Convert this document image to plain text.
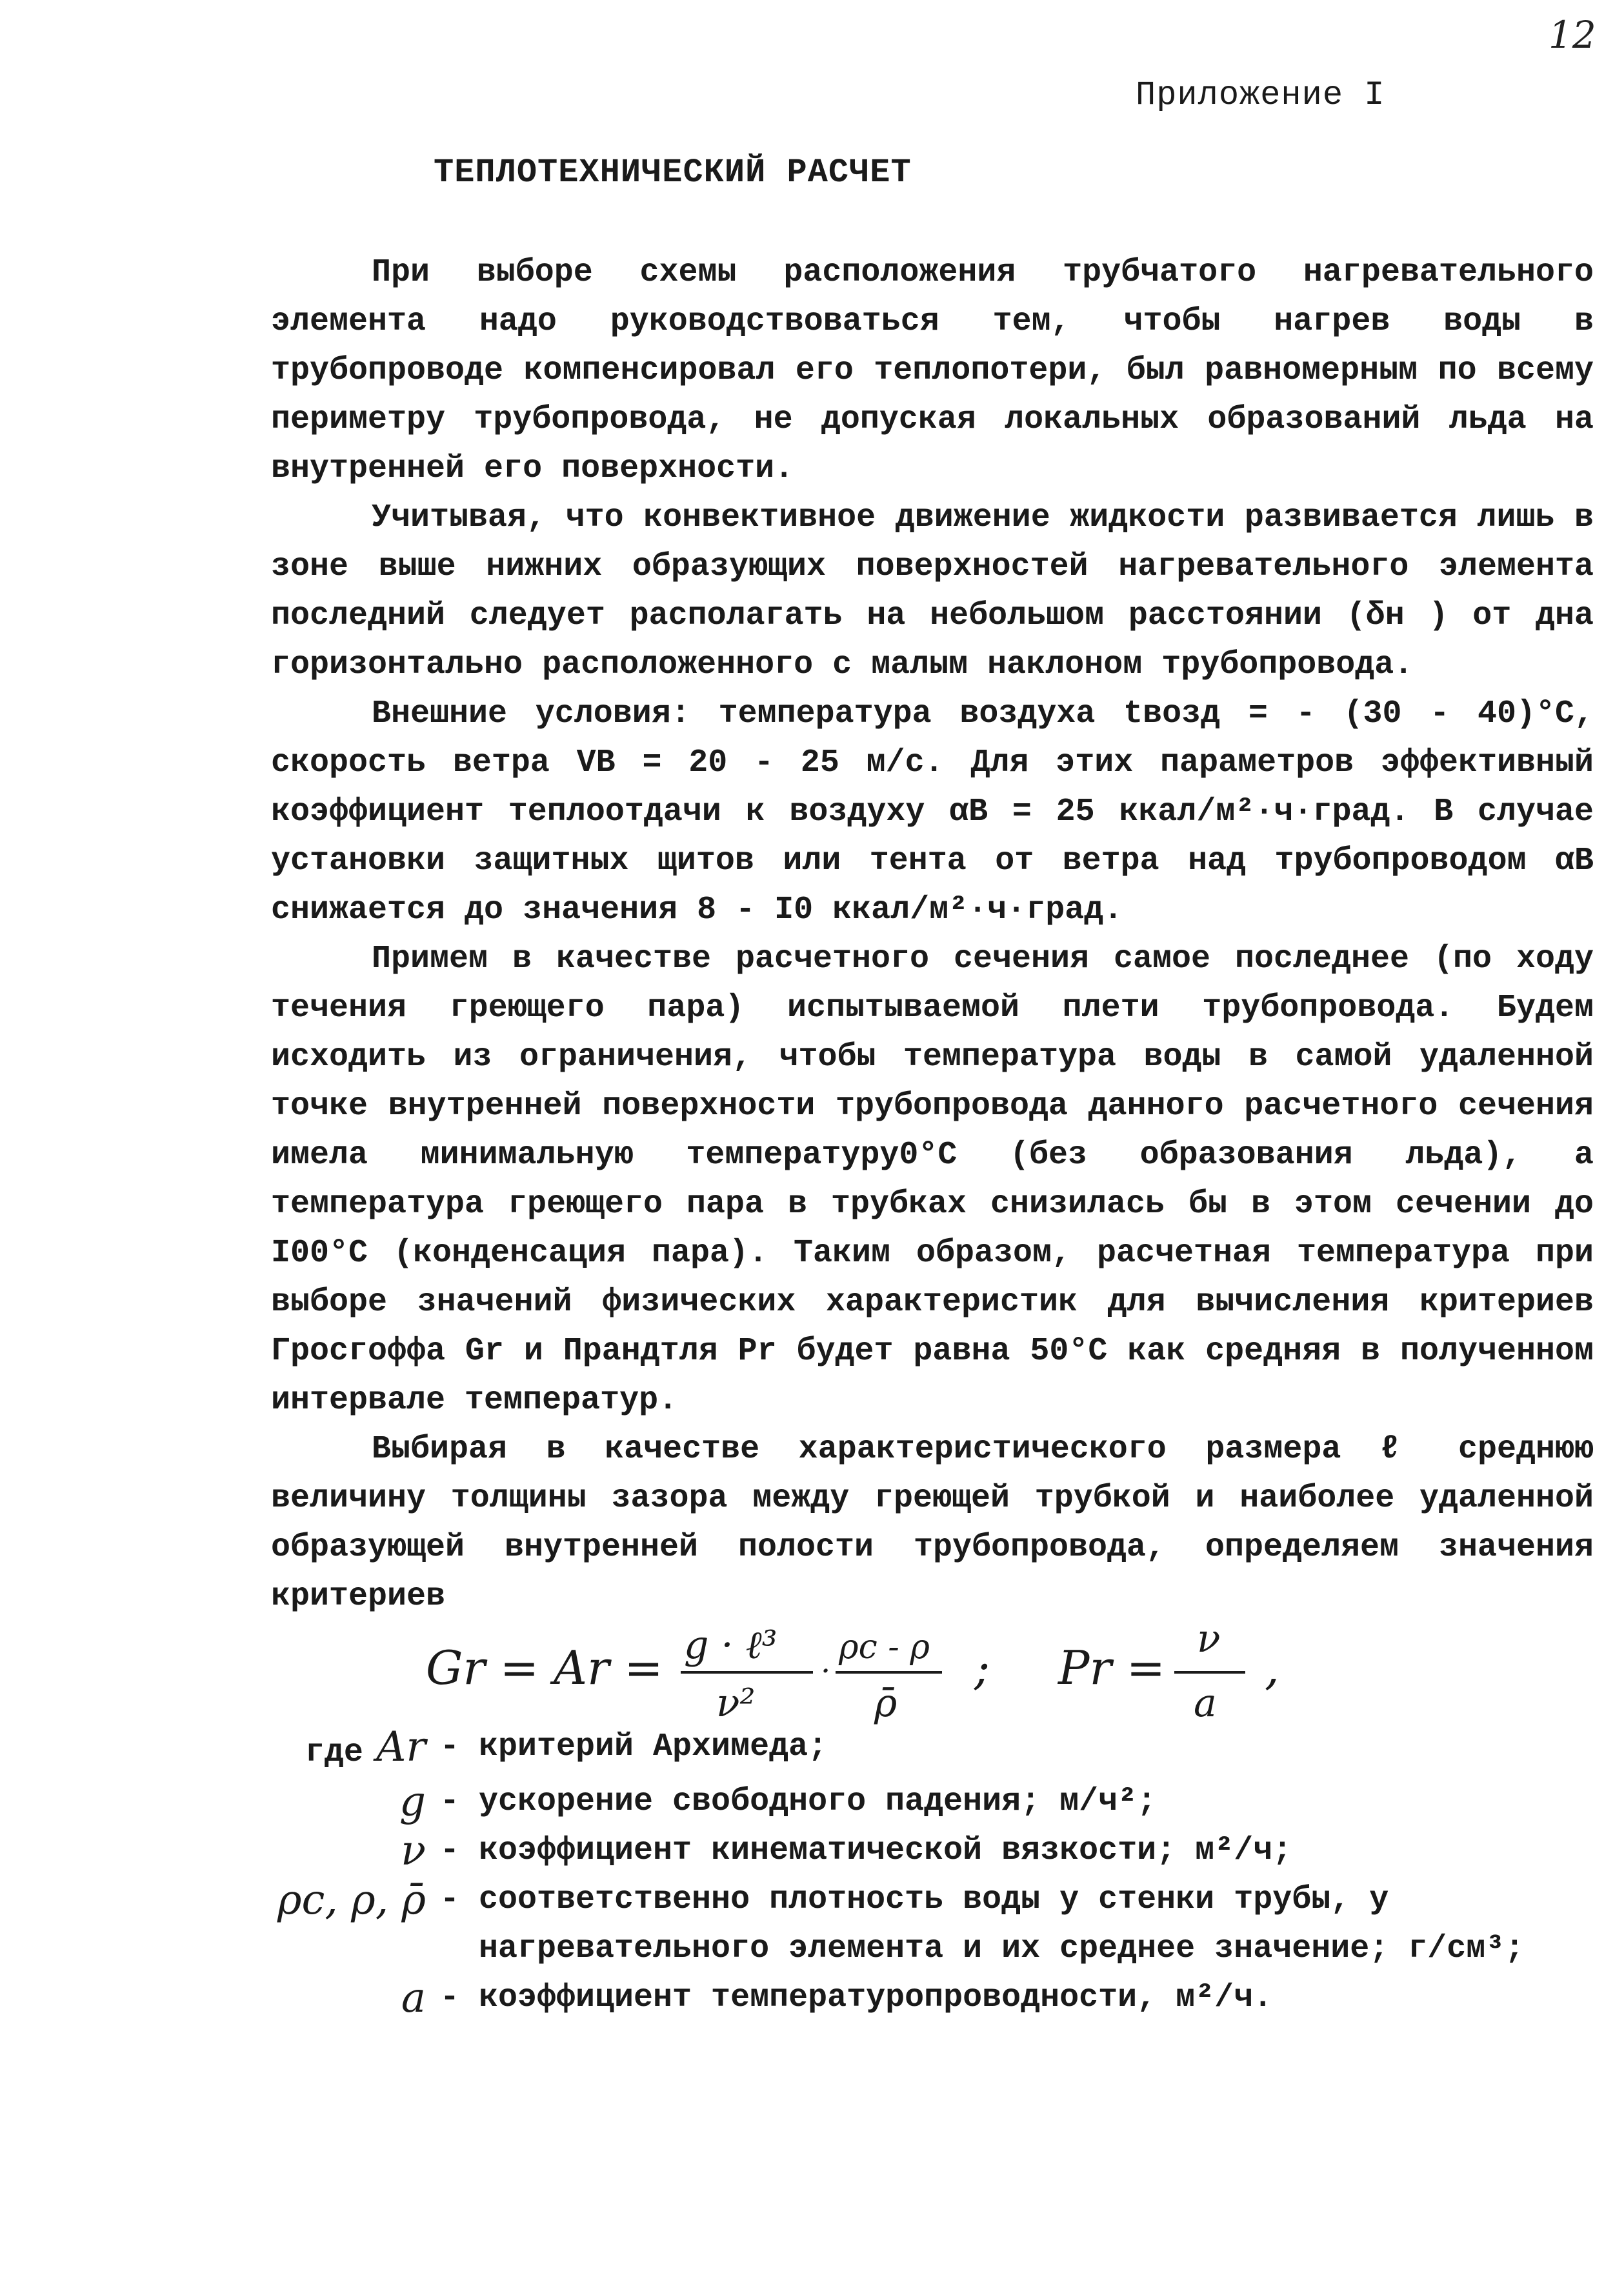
12
Приложение I
ТЕПЛОТЕХНИЧЕСКИЙ РАСЧЕТ

При выборе схемы расположения трубчатого нагревательного элемента надо руководствоваться тем, чтобы нагрев воды в трубопроводе компенсировал его теплопотери, был равномерным по всему периметру трубопровода, не допуская локальных образований льда на внутренней его поверхности.

Учитывая, что конвективное движение жидкости развивается лишь в зоне выше нижних образующих поверхностей нагревательного элемента последний следует располагать на небольшом расстоянии (δн ) от дна горизонтально расположенного с малым наклоном трубопровода.

Внешние условия: температура воздуха tвозд = - (30 - 40)°С, скорость ветра VВ = 20 - 25 м/с. Для этих параметров эффективный коэффициент теплоотдачи к воздуху αВ = 25 ккал/м²·ч·град. В случае установки защитных щитов или тента от ветра над трубопроводом αВ снижается до значения 8 - I0 ккал/м²·ч·град.

Примем в качестве расчетного сечения самое последнее (по ходу течения греющего пара) испытываемой плети трубопровода. Будем исходить из ограничения, чтобы температура воды в самой удаленной точке внутренней поверхности трубопровода данного расчетного сечения имела минимальную температуру0°С (без образования льда), а температура греющего пара в трубках снизилась бы в этом сечении до I00°С (конденсация пара). Таким образом, расчетная температура при выборе значений физических характеристик для вычисления критериев Гросгоффа Gr и Прандтля Pr будет равна 50°С как средняя в полученном интервале температур.

Выбирая в качестве характеристического размера ℓ среднюю величину толщины зазора между греющей трубкой и наиболее удаленной образующей внутренней полости трубопровода, определяем значения критериев

Gr = Ar = g · ℓ³
ν²
·
ρс - ρ
ρ̄
; Pr =
ν
a
,
где Ar - критерий Архимеда;
g - ускорение свободного падения; м/ч²;
ν - коэффициент кинематической вязкости; м²/ч;
ρс, ρ, ρ̄ - соответственно плотность воды у стенки трубы, у нагревательного элемента и их среднее значение; г/см³;
a - коэффициент температуропроводности, м²/ч.
